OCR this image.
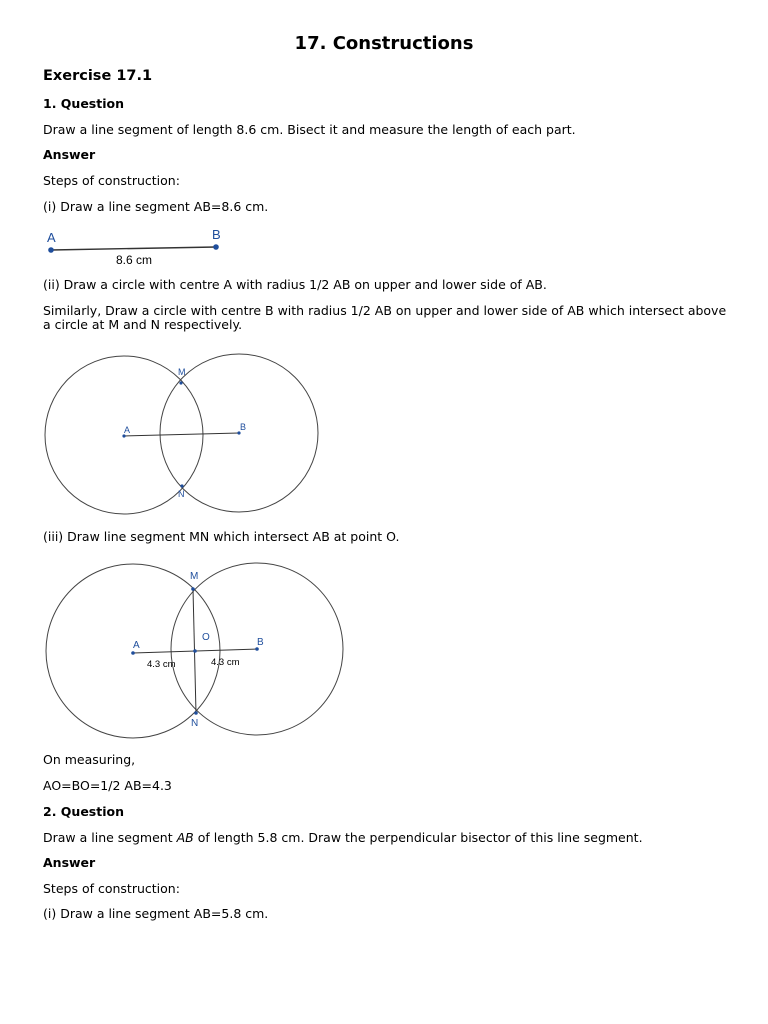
17. Constructions
Exercise 17.1
1. Question
Draw a line segment of length 8.6 cm. Bisect it and measure the length of each part.
Answer
Steps of construction:
(i) Draw a line segment AB=8.6 cm.
A	B
8.6 cm
(ii) Draw a circle with centre A with radius 1/2 AB on upper and lower side of AB.
Similarly, Draw a circle with centre B with radius 1/2 AB on upper and lower side of AB which intersect above a circle at M and N respectively.
A	B
M
N
(iii) Draw line segment MN which intersect AB at point O.
A	B
M
N
O
4.3 cm	4.3 cm
On measuring,
AO=BO=1/2 AB=4.3
2. Question
Draw a line segment AB of length 5.8 cm. Draw the perpendicular bisector of this line segment.
Answer
Steps of construction:
(i) Draw a line segment AB=5.8 cm.
